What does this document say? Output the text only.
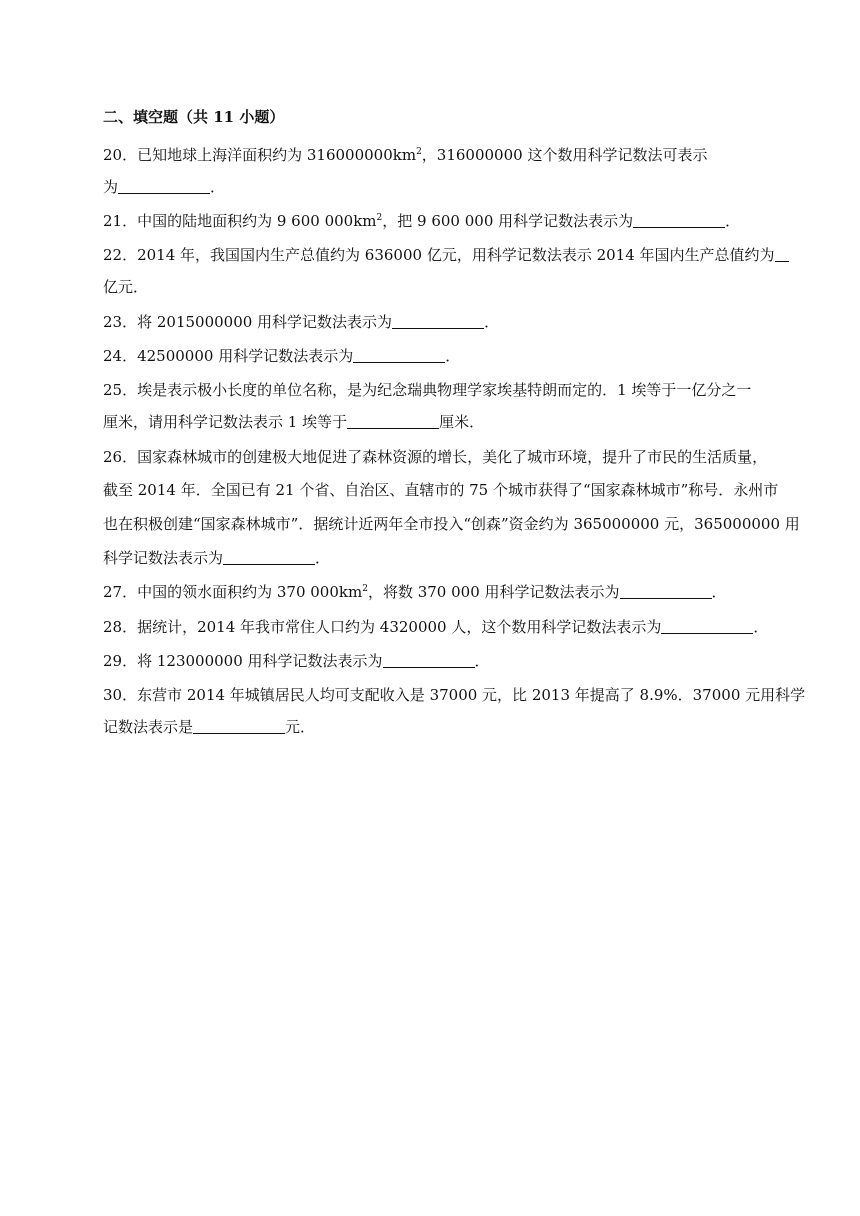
二、填空题（共 11 小题）
20．已知地球上海洋面积约为 $316000000km^2$，316000000 这个数用科学记数法可表示
为	．
21．中国的陆地面积约为 9 600 $000km^2$，把 9 600 000 用科学记数法表示为	．
22．2014 年，我国国内生产总值约为 636000 亿元，用科学记数法表示 2014 年国内生产总值约为
亿元．
23．将 2015000000 用科学记数法表示为	．
24．42500000 用科学记数法表示为	．
25．埃是表示极小长度的单位名称，是为纪念瑞典物理学家埃基特朗而定的．1 埃等于一亿分之一
厘米，请用科学记数法表示 1 埃等于	厘米．
26．国家森林城市的创建极大地促进了森林资源的增长，美化了城市环境，提升了市民的生活质量，
截至 2014 年．全国已有 21 个省、自治区、直辖市的 75 个城市获得了“国家森林城市”称号．永州市
也在积极创建“国家森林城市”．据统计近两年全市投入“创森”资金约为 365000000 元，365000000 用
科学记数法表示为	．
27．中国的领水面积约为 370 $000km^2$，将数 370 000 用科学记数法表示为	．
28．据统计，2014 年我市常住人口约为 4320000 人，这个数用科学记数法表示为	．
29．将 123000000 用科学记数法表示为	．
30．东营市 2014 年城镇居民人均可支配收入是 37000 元，比 2013 年提高了 8.9%．37000 元用科学
记数法表示是	元．
